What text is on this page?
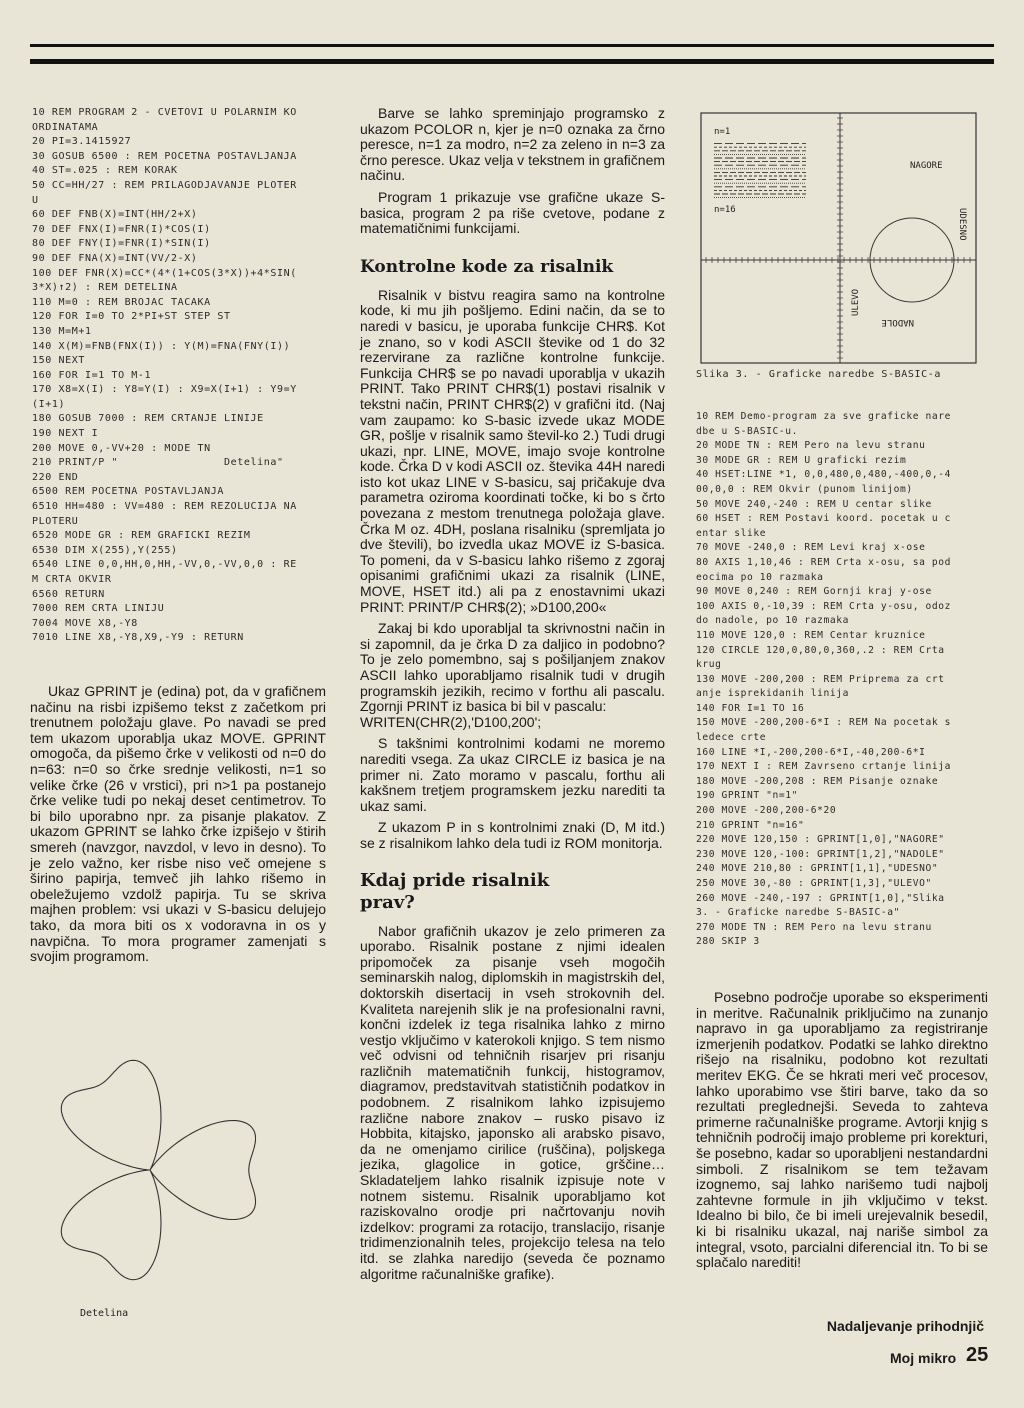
10 REM PROGRAM 2 - CVETOVI U POLARNIM KO
ORDINATAMA
20 PI=3.1415927
30 GOSUB 6500 : REM POCETNA POSTAVLJANJA
40 ST=.025 : REM KORAK
50 CC=HH/27 : REM PRILAGODJAVANJE PLOTER
U
60 DEF FNB(X)=INT(HH/2+X)
70 DEF FNX(I)=FNR(I)*COS(I)
80 DEF FNY(I)=FNR(I)*SIN(I)
90 DEF FNA(X)=INT(VV/2-X)
100 DEF FNR(X)=CC*(4*(1+COS(3*X))+4*SIN(
3*X)↑2) : REM DETELINA
110 M=0 : REM BROJAC TACAKA
120 FOR I=0 TO 2*PI+ST STEP ST
130 M=M+1
140 X(M)=FNB(FNX(I)) : Y(M)=FNA(FNY(I))
150 NEXT
160 FOR I=1 TO M-1
170 X8=X(I) : Y8=Y(I) : X9=X(I+1) : Y9=Y
(I+1)
180 GOSUB 7000 : REM CRTANJE LINIJE
190 NEXT I
200 MOVE 0,-VV+20 : MODE TN
210 PRINT/P "                Detelina"
220 END
6500 REM POCETNA POSTAVLJANJA
6510 HH=480 : VV=480 : REM REZOLUCIJA NA
PLOTERU
6520 MODE GR : REM GRAFICKI REZIM
6530 DIM X(255),Y(255)
6540 LINE 0,0,HH,0,HH,-VV,0,-VV,0,0 : RE
M CRTA OKVIR
6560 RETURN
7000 REM CRTA LINIJU
7004 MOVE X8,-Y8
7010 LINE X8,-Y8,X9,-Y9 : RETURN

Ukaz GPRINT je (edina) pot, da v grafičnem načinu na risbi izpišemo tekst z začetkom pri trenutnem položaju glave. Po navadi se pred tem ukazom uporablja ukaz MOVE. GPRINT omogoča, da pišemo črke v velikosti od n=0 do n=63: n=0 so črke srednje velikosti, n=1 so velike črke (26 v vrstici), pri n>1 pa postanejo črke velike tudi po nekaj deset centimetrov. To bi bilo uporabno npr. za pisanje plakatov. Z ukazom GPRINT se lahko črke izpišejo v štirih smereh (navzgor, navzdol, v levo in desno). To je zelo važno, ker risbe niso več omejene s širino papirja, temveč jih lahko rišemo in obeležujemo vzdolž papirja. Tu se skriva majhen problem: vsi ukazi v S-basicu delujejo tako, da mora biti os x vodoravna in os y navpična. To mora programer zamenjati s svojim programom.

Detelina

Barve se lahko spreminjajo programsko z ukazom PCOLOR n, kjer je n=0 oznaka za črno peresce, n=1 za modro, n=2 za zeleno in n=3 za črno peresce. Ukaz velja v tekstnem in grafičnem načinu.

Program 1 prikazuje vse grafične ukaze S-basica, program 2 pa riše cvetove, podane z matematičnimi funkcijami.

Kontrolne kode za risalnik

Risalnik v bistvu reagira samo na kontrolne kode, ki mu jih pošljemo. Edini način, da se to naredi v basicu, je uporaba funkcije CHR$. Kot je znano, so v kodi ASCII števike od 1 do 32 rezervirane za različne kontrolne funkcije. Funkcija CHR$ se po navadi uporablja v ukazih PRINT. Tako PRINT CHR$(1) postavi risalnik v tekstni način, PRINT CHR$(2) v grafični itd. (Naj vam zaupamo: ko S-basic izvede ukaz MODE GR, pošlje v risalnik samo števil-ko 2.) Tudi drugi ukazi, npr. LINE, MOVE, imajo svoje kontrolne kode. Črka D v kodi ASCII oz. števika 44H naredi isto kot ukaz LINE v S-basicu, saj pričakuje dva parametra oziroma koordinati točke, ki bo s črto povezana z mestom trenutnega položaja glave. Črka M oz. 4DH, poslana risalniku (spremljata jo dve števili), bo izvedla ukaz MOVE iz S-basica. To pomeni, da v S-basicu lahko rišemo z zgoraj opisanimi grafičnimi ukazi za risalnik (LINE, MOVE, HSET itd.) ali pa z enostavnimi ukazi PRINT: PRINT/P CHR$(2); »D100,200«

Zakaj bi kdo uporabljal ta skrivnostni način in si zapomnil, da je črka D za daljico in podobno? To je zelo pomembno, saj s pošiljanjem znakov ASCII lahko uporabljamo risalnik tudi v drugih programskih jezikih, recimo v forthu ali pascalu. Zgornji PRINT iz basica bi bil v pascalu:
WRITEN(CHR(2),'D100,200';

S takšnimi kontrolnimi kodami ne moremo narediti vsega. Za ukaz CIRCLE iz basica je na primer ni. Zato moramo v pascalu, forthu ali kakšnem tretjem programskem jezku narediti ta ukaz sami.

Z ukazom P in s kontrolnimi znaki (D, M itd.) se z risalnikom lahko dela tudi iz ROM monitorja.

Kdaj pride risalnik prav?

Nabor grafičnih ukazov je zelo primeren za uporabo. Risalnik postane z njimi idealen pripomoček za pisanje vseh mogočih seminarskih nalog, diplomskih in magistrskih del, doktorskih disertacij in vseh strokovnih del. Kvaliteta narejenih slik je na profesionalni ravni, končni izdelek iz tega risalnika lahko z mirno vestjo vključimo v katerokoli knjigo. S tem nismo več odvisni od tehničnih risarjev pri risanju različnih matematičnih funkcij, histogramov, diagramov, predstavitvah statističnih podatkov in podobnem. Z risalnikom lahko izpisujemo različne nabore znakov – rusko pisavo iz Hobbita, kitajsko, japonsko ali arabsko pisavo, da ne omenjamo cirilice (ruščina), poljskega jezika, glagolice in gotice, grščine… Skladateljem lahko risalnik izpisuje note v notnem sistemu. Risalnik uporabljamo kot raziskovalno orodje pri načrtovanju novih izdelkov: programi za rotacijo, translacijo, risanje tridimenzionalnih teles, projekcijo telesa na telo itd. se zlahka naredijo (seveda če poznamo algoritme računalniške grafike).

n=1
n=16
NAGORE
UDESNO
ULEVO
NADOLE
Slika 3. - Graficke naredbe S-BASIC-a
10 REM Demo-program za sve graficke nare
dbe u S-BASIC-u.
20 MODE TN : REM Pero na levu stranu
30 MODE GR : REM U graficki rezim
40 HSET:LINE *1, 0,0,480,0,480,-400,0,-4
00,0,0 : REM Okvir (punom linijom)
50 MOVE 240,-240 : REM U centar slike
60 HSET : REM Postavi koord. pocetak u c
entar slike
70 MOVE -240,0 : REM Levi kraj x-ose
80 AXIS 1,10,46 : REM Crta x-osu, sa pod
eocima po 10 razmaka
90 MOVE 0,240 : REM Gornji kraj y-ose
100 AXIS 0,-10,39 : REM Crta y-osu, odoz
do nadole, po 10 razmaka
110 MOVE 120,0 : REM Centar kruznice
120 CIRCLE 120,0,80,0,360,.2 : REM Crta
krug
130 MOVE -200,200 : REM Priprema za crt
anje isprekidanih linija
140 FOR I=1 TO 16
150 MOVE -200,200-6*I : REM Na pocetak s
ledece crte
160 LINE *I,-200,200-6*I,-40,200-6*I
170 NEXT I : REM Zavrseno crtanje linija
180 MOVE -200,208 : REM Pisanje oznake
190 GPRINT "n=1"
200 MOVE -200,200-6*20
210 GPRINT "n=16"
220 MOVE 120,150 : GPRINT[1,0],"NAGORE"
230 MOVE 120,-100: GPRINT[1,2],"NADOLE"
240 MOVE 210,80 : GPRINT[1,1],"UDESNO"
250 MOVE 30,-80 : GPRINT[1,3],"ULEVO"
260 MOVE -240,-197 : GPRINT[1,0],"Slika
3. - Graficke naredbe S-BASIC-a"
270 MODE TN : REM Pero na levu stranu
280 SKIP 3

Posebno področje uporabe so eksperimenti in meritve. Računalnik priključimo na zunanjo napravo in ga uporabljamo za registriranje izmerjenih podatkov. Podatki se lahko direktno rišejo na risalniku, podobno kot rezultati meritev EKG. Če se hkrati meri več procesov, lahko uporabimo vse štiri barve, tako da so rezultati preglednejši. Seveda to zahteva primerne računalniške programe. Avtorji knjig s tehničnih področij imajo probleme pri korekturi, še posebno, kadar so uporabljeni nestandardni simboli. Z risalnikom se tem težavam izognemo, saj lahko narišemo tudi najbolj zahtevne formule in jih vključimo v tekst. Idealno bi bilo, če bi imeli urejevalnik besedil, ki bi risalniku ukazal, naj nariše simbol za integral, vsoto, parcialni diferencial itn. To bi se splačalo narediti!

Nadaljevanje prihodnjič
Moj mikro 25
